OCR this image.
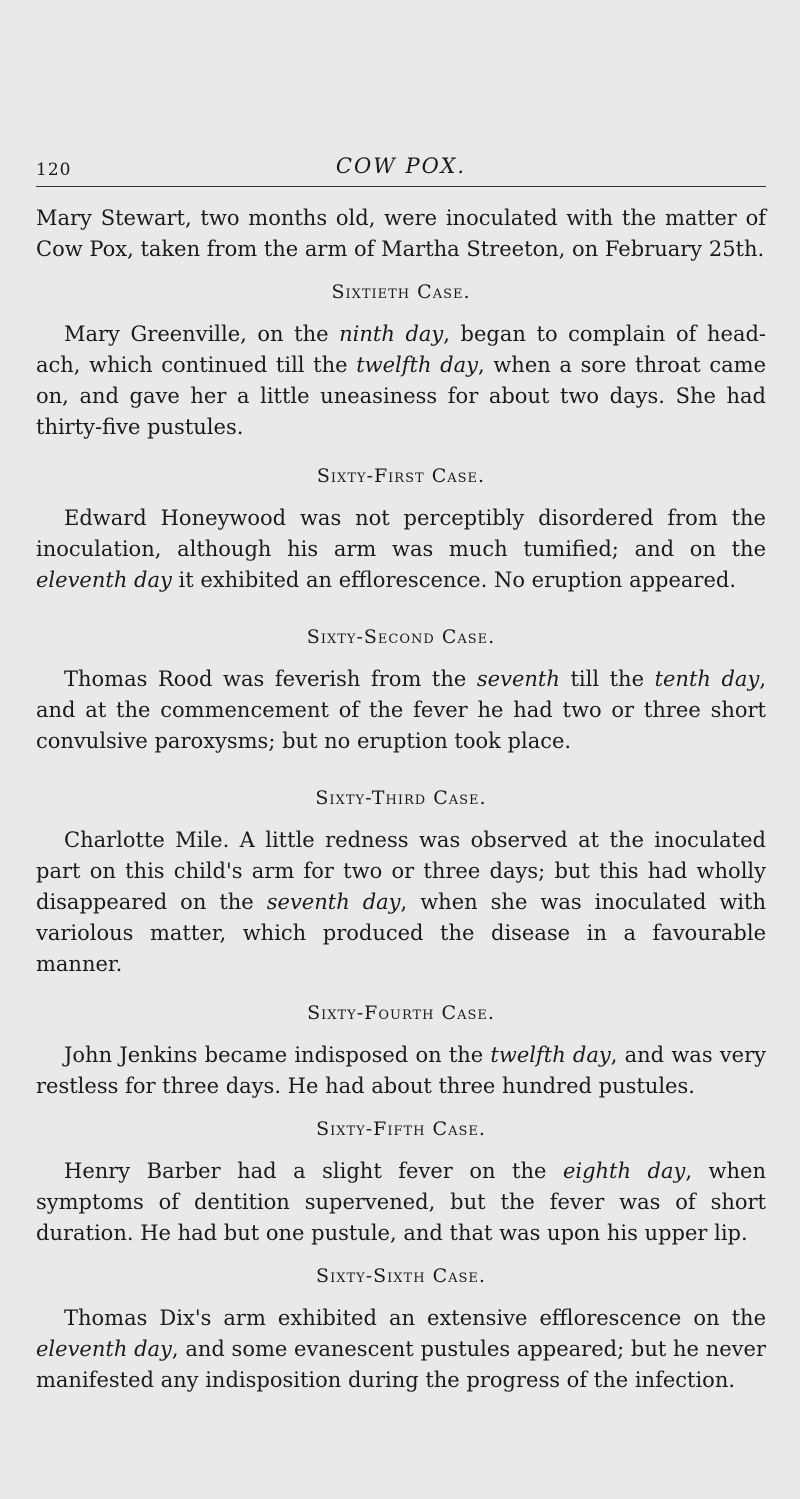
120	COW POX.

Mary Stewart, two months old, were inoculated with the matter of Cow Pox, taken from the arm of Martha Streeton, on February 25th.

Sixtieth Case.

Mary Greenville, on the ninth day, began to complain of head-ach, which continued till the twelfth day, when a sore throat came on, and gave her a little uneasiness for about two days. She had thirty-five pustules.

Sixty-First Case.

Edward Honeywood was not perceptibly disordered from the inoculation, although his arm was much tumified; and on the eleventh day it exhibited an efflorescence. No eruption appeared.

Sixty-Second Case.

Thomas Rood was feverish from the seventh till the tenth day, and at the commencement of the fever he had two or three short convulsive paroxysms; but no eruption took place.

Sixty-Third Case.

Charlotte Mile. A little redness was observed at the inoculated part on this child's arm for two or three days; but this had wholly disappeared on the seventh day, when she was inoculated with variolous matter, which produced the disease in a favourable manner.

Sixty-Fourth Case.

John Jenkins became indisposed on the twelfth day, and was very restless for three days. He had about three hundred pustules.

Sixty-Fifth Case.

Henry Barber had a slight fever on the eighth day, when symptoms of dentition supervened, but the fever was of short duration. He had but one pustule, and that was upon his upper lip.

Sixty-Sixth Case.

Thomas Dix's arm exhibited an extensive efflorescence on the eleventh day, and some evanescent pustules appeared; but he never manifested any indisposition during the progress of the infection.
